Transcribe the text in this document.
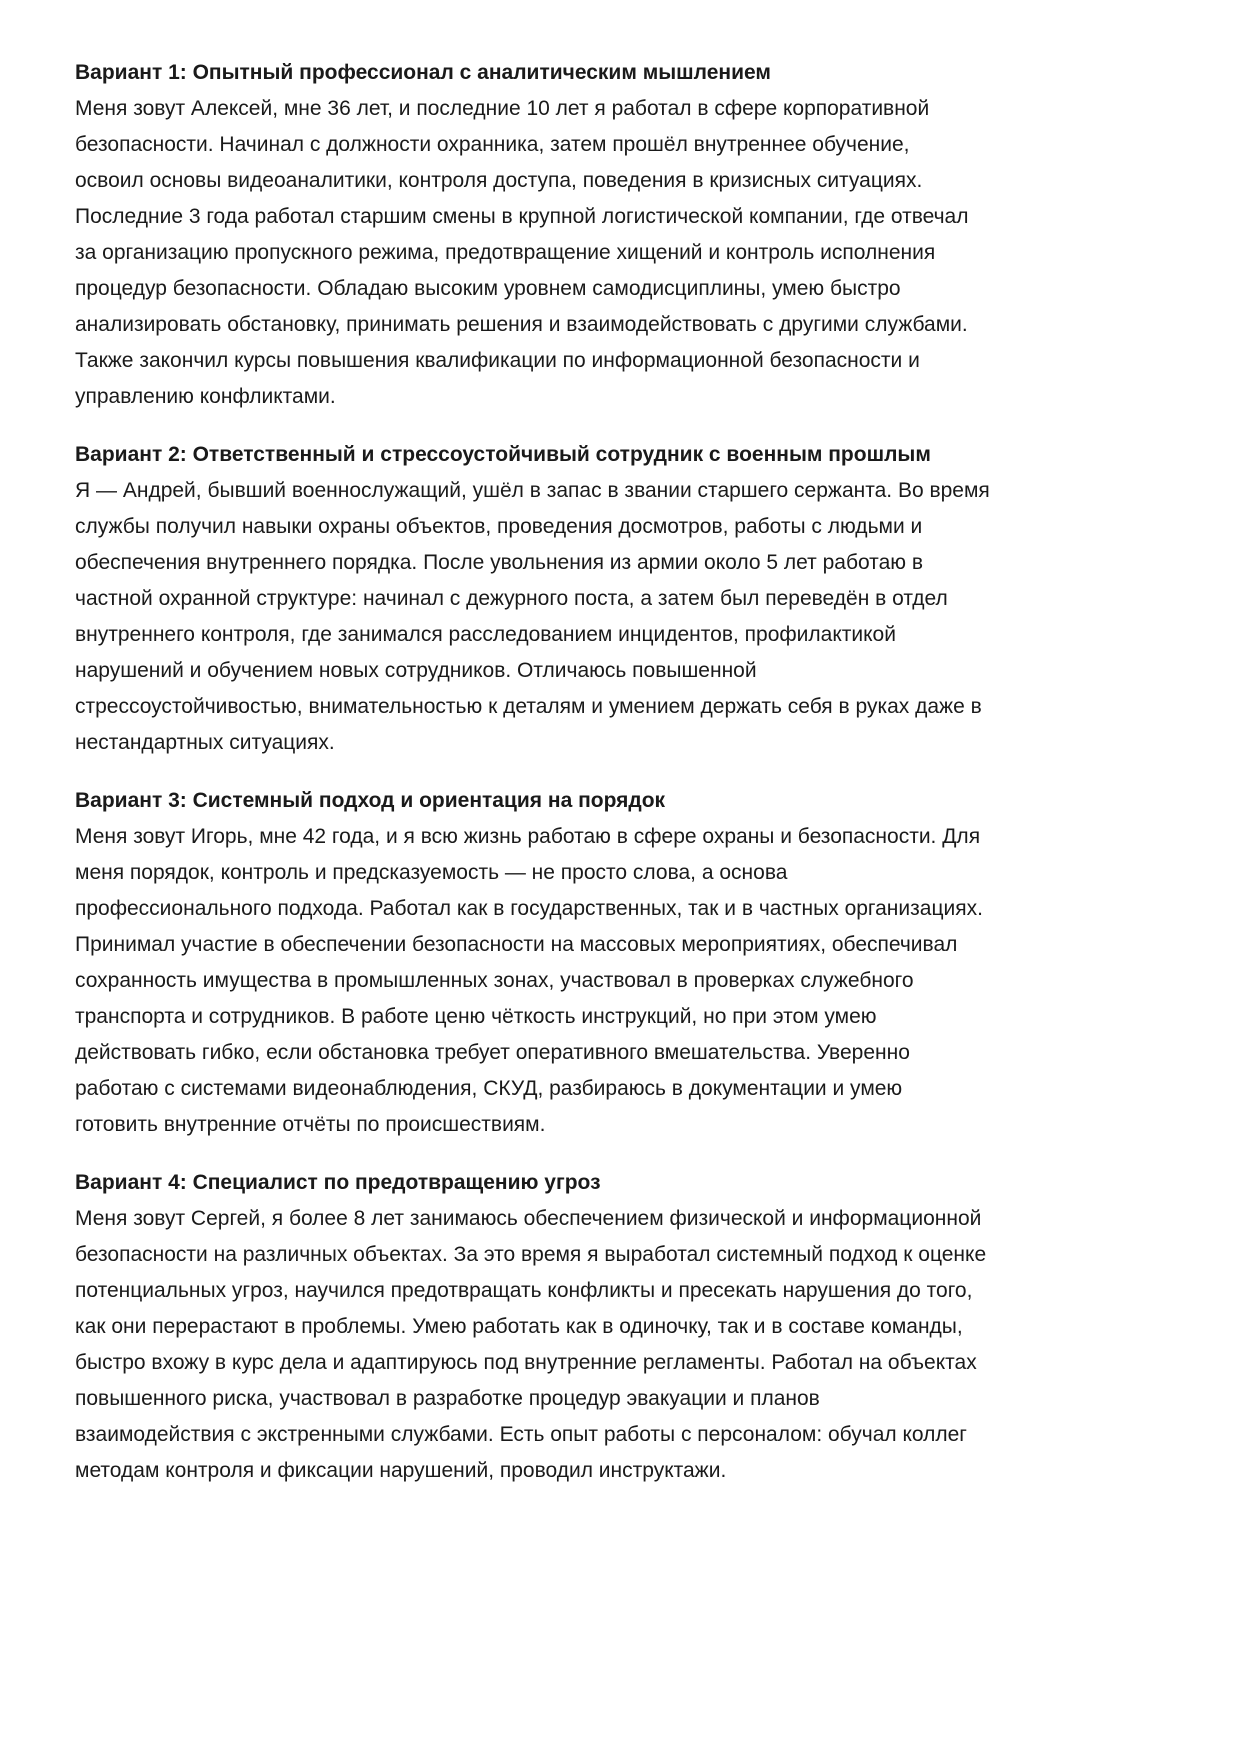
Вариант 1: Опытный профессионал с аналитическим мышлением
Меня зовут Алексей, мне 36 лет, и последние 10 лет я работал в сфере корпоративной
безопасности. Начинал с должности охранника, затем прошёл внутреннее обучение,
освоил основы видеоаналитики, контроля доступа, поведения в кризисных ситуациях.
Последние 3 года работал старшим смены в крупной логистической компании, где отвечал
за организацию пропускного режима, предотвращение хищений и контроль исполнения
процедур безопасности. Обладаю высоким уровнем самодисциплины, умею быстро
анализировать обстановку, принимать решения и взаимодействовать с другими службами.
Также закончил курсы повышения квалификации по информационной безопасности и
управлению конфликтами.
Вариант 2: Ответственный и стрессоустойчивый сотрудник с военным прошлым
Я — Андрей, бывший военнослужащий, ушёл в запас в звании старшего сержанта. Во время
службы получил навыки охраны объектов, проведения досмотров, работы с людьми и
обеспечения внутреннего порядка. После увольнения из армии около 5 лет работаю в
частной охранной структуре: начинал с дежурного поста, а затем был переведён в отдел
внутреннего контроля, где занимался расследованием инцидентов, профилактикой
нарушений и обучением новых сотрудников. Отличаюсь повышенной
стрессоустойчивостью, внимательностью к деталям и умением держать себя в руках даже в
нестандартных ситуациях.
Вариант 3: Системный подход и ориентация на порядок
Меня зовут Игорь, мне 42 года, и я всю жизнь работаю в сфере охраны и безопасности. Для
меня порядок, контроль и предсказуемость — не просто слова, а основа
профессионального подхода. Работал как в государственных, так и в частных организациях.
Принимал участие в обеспечении безопасности на массовых мероприятиях, обеспечивал
сохранность имущества в промышленных зонах, участвовал в проверках служебного
транспорта и сотрудников. В работе ценю чёткость инструкций, но при этом умею
действовать гибко, если обстановка требует оперативного вмешательства. Уверенно
работаю с системами видеонаблюдения, СКУД, разбираюсь в документации и умею
готовить внутренние отчёты по происшествиям.
Вариант 4: Специалист по предотвращению угроз
Меня зовут Сергей, я более 8 лет занимаюсь обеспечением физической и информационной
безопасности на различных объектах. За это время я выработал системный подход к оценке
потенциальных угроз, научился предотвращать конфликты и пресекать нарушения до того,
как они перерастают в проблемы. Умею работать как в одиночку, так и в составе команды,
быстро вхожу в курс дела и адаптируюсь под внутренние регламенты. Работал на объектах
повышенного риска, участвовал в разработке процедур эвакуации и планов
взаимодействия с экстренными службами. Есть опыт работы с персоналом: обучал коллег
методам контроля и фиксации нарушений, проводил инструктажи.
